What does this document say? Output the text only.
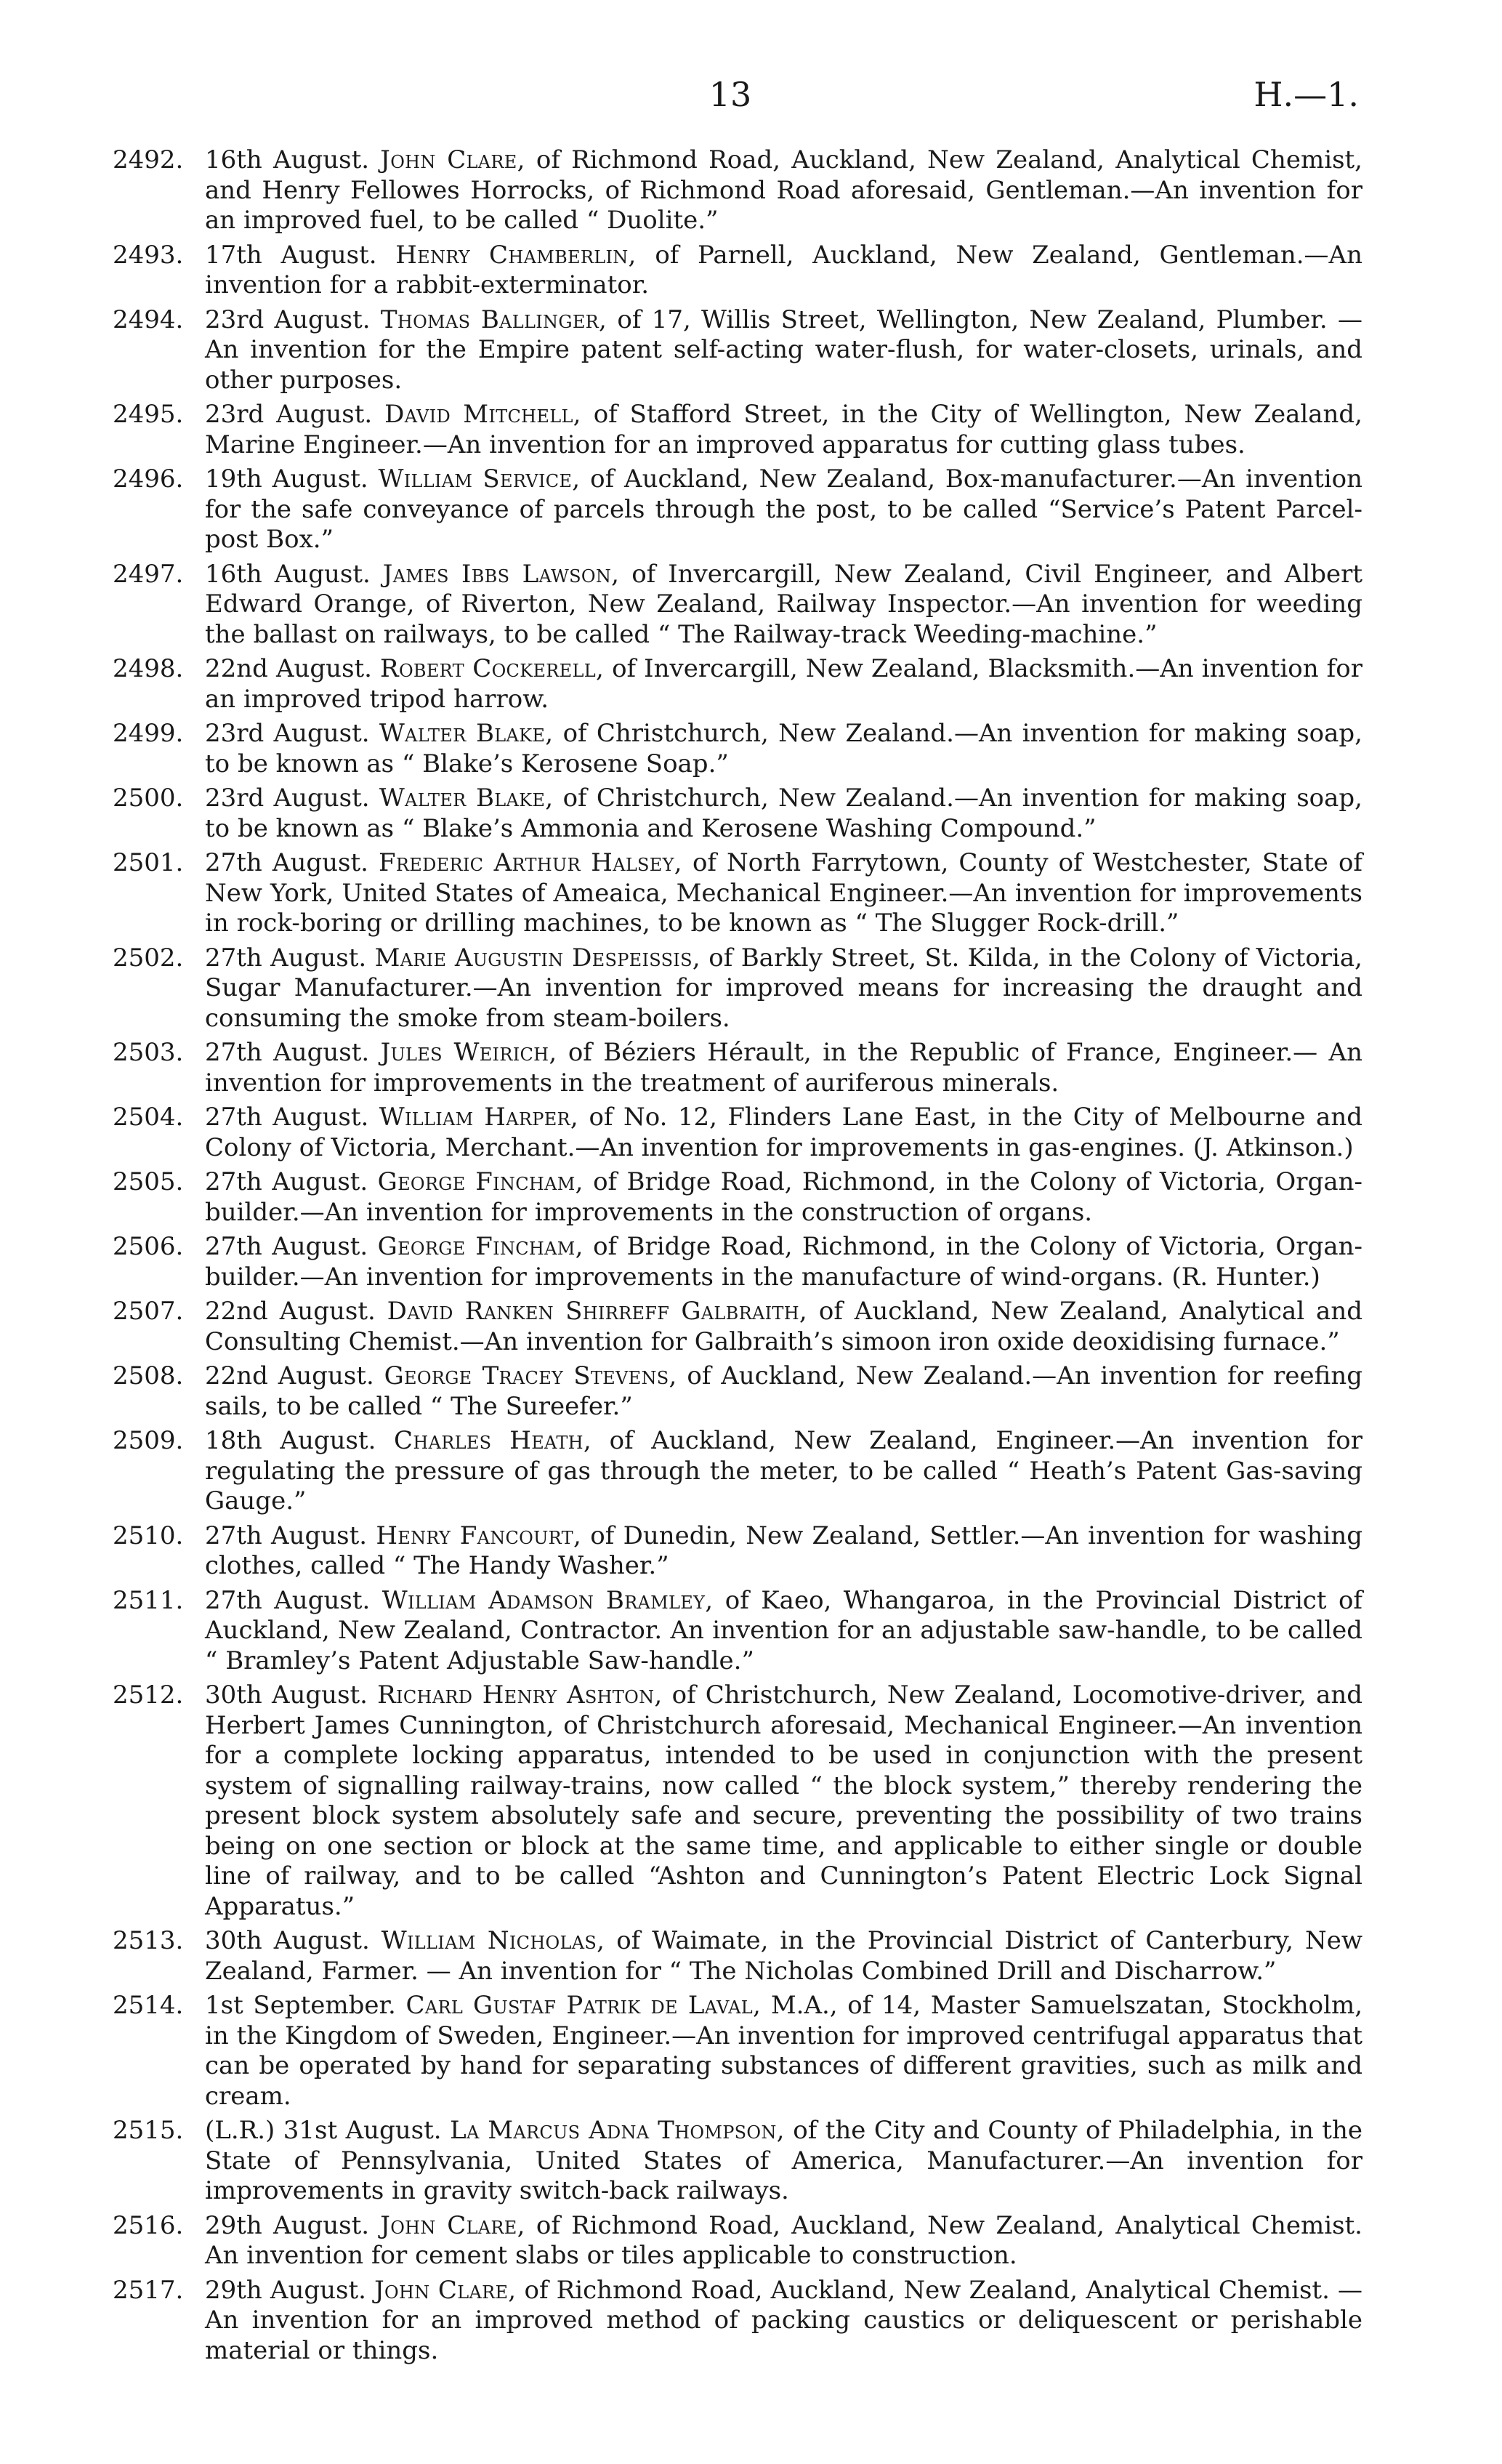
13	H.—1.
2492. 16th August. John Clare, of Richmond Road, Auckland, New Zealand, Analytical Chemist, and Henry Fellowes Horrocks, of Richmond Road aforesaid, Gentleman.—An invention for an improved fuel, to be called “ Duolite.”
2493. 17th August. Henry Chamberlin, of Parnell, Auckland, New Zealand, Gentleman.—An invention for a rabbit-exterminator.
2494. 23rd August. Thomas Ballinger, of 17, Willis Street, Wellington, New Zealand, Plumber. —An invention for the Empire patent self-acting water-flush, for water-closets, urinals, and other purposes.
2495. 23rd August. David Mitchell, of Stafford Street, in the City of Wellington, New Zealand, Marine Engineer.—An invention for an improved apparatus for cutting glass tubes.
2496. 19th August. William Service, of Auckland, New Zealand, Box-manufacturer.—An invention for the safe conveyance of parcels through the post, to be called “Service’s Patent Parcel-post Box.”
2497. 16th August. James Ibbs Lawson, of Invercargill, New Zealand, Civil Engineer, and Albert Edward Orange, of Riverton, New Zealand, Railway Inspector.—An invention for weeding the ballast on railways, to be called “ The Railway-track Weeding-machine.”
2498. 22nd August. Robert Cockerell, of Invercargill, New Zealand, Blacksmith.—An invention for an improved tripod harrow.
2499. 23rd August. Walter Blake, of Christchurch, New Zealand.—An invention for making soap, to be known as “ Blake’s Kerosene Soap.”
2500. 23rd August. Walter Blake, of Christchurch, New Zealand.—An invention for making soap, to be known as “ Blake’s Ammonia and Kerosene Washing Compound.”
2501. 27th August. Frederic Arthur Halsey, of North Farrytown, County of Westchester, State of New York, United States of Ameaica, Mechanical Engineer.—An invention for improvements in rock-boring or drilling machines, to be known as “ The Slugger Rock-drill.”
2502. 27th August. Marie Augustin Despeissis, of Barkly Street, St. Kilda, in the Colony of Victoria, Sugar Manufacturer.—An invention for improved means for increasing the draught and consuming the smoke from steam-boilers.
2503. 27th August. Jules Weirich, of Béziers Hérault, in the Republic of France, Engineer.— An invention for improvements in the treatment of auriferous minerals.
2504. 27th August. William Harper, of No. 12, Flinders Lane East, in the City of Melbourne and Colony of Victoria, Merchant.—An invention for improvements in gas-engines. (J. Atkinson.)
2505. 27th August. George Fincham, of Bridge Road, Richmond, in the Colony of Victoria, Organ-builder.—An invention for improvements in the construction of organs.
2506. 27th August. George Fincham, of Bridge Road, Richmond, in the Colony of Victoria, Organ-builder.—An invention for improvements in the manufacture of wind-organs. (R. Hunter.)
2507. 22nd August. David Ranken Shirreff Galbraith, of Auckland, New Zealand, Analytical and Consulting Chemist.—An invention for Galbraith’s simoon iron oxide deoxidising furnace.”
2508. 22nd August. George Tracey Stevens, of Auckland, New Zealand.—An invention for reefing sails, to be called “ The Sureefer.”
2509. 18th August. Charles Heath, of Auckland, New Zealand, Engineer.—An invention for regulating the pressure of gas through the meter, to be called “ Heath’s Patent Gas-saving Gauge.”
2510. 27th August. Henry Fancourt, of Dunedin, New Zealand, Settler.—An invention for washing clothes, called “ The Handy Washer.”
2511. 27th August. William Adamson Bramley, of Kaeo, Whangaroa, in the Provincial District of Auckland, New Zealand, Contractor. An invention for an adjustable saw-handle, to be called “ Bramley’s Patent Adjustable Saw-handle.”
2512. 30th August. Richard Henry Ashton, of Christchurch, New Zealand, Locomotive-driver, and Herbert James Cunnington, of Christchurch aforesaid, Mechanical Engineer.—An invention for a complete locking apparatus, intended to be used in conjunction with the present system of signalling railway-trains, now called “ the block system,” thereby rendering the present block system absolutely safe and secure, preventing the possibility of two trains being on one section or block at the same time, and applicable to either single or double line of railway, and to be called “Ashton and Cunnington’s Patent Electric Lock Signal Apparatus.”
2513. 30th August. William Nicholas, of Waimate, in the Provincial District of Canterbury, New Zealand, Farmer. — An invention for “ The Nicholas Combined Drill and Discharrow.”
2514. 1st September. Carl Gustaf Patrik de Laval, M.A., of 14, Master Samuelszatan, Stockholm, in the Kingdom of Sweden, Engineer.—An invention for improved centrifugal apparatus that can be operated by hand for separating substances of different gravities, such as milk and cream.
2515. (L.R.) 31st August. La Marcus Adna Thompson, of the City and County of Philadelphia, in the State of Pennsylvania, United States of America, Manufacturer.—An invention for improvements in gravity switch-back railways.
2516. 29th August. John Clare, of Richmond Road, Auckland, New Zealand, Analytical Chemist. An invention for cement slabs or tiles applicable to construction.
2517. 29th August. John Clare, of Richmond Road, Auckland, New Zealand, Analytical Chemist. —An invention for an improved method of packing caustics or deliquescent or perishable material or things.
